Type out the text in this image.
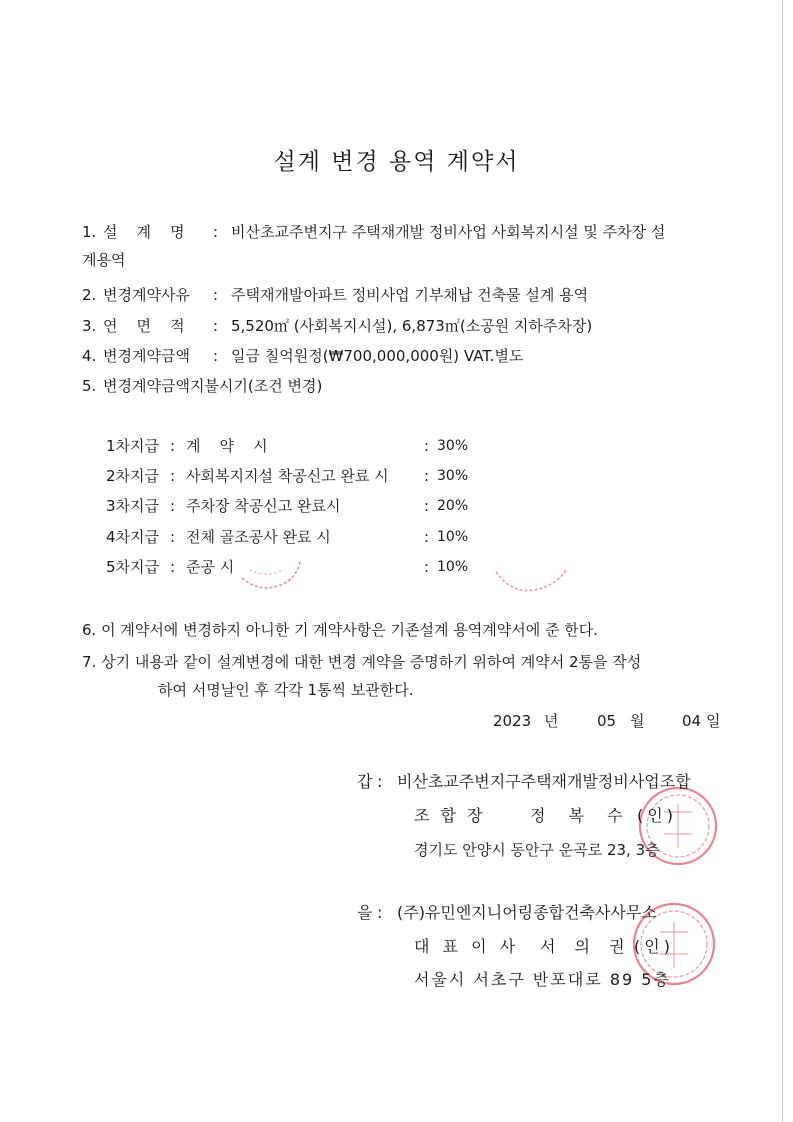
설계 변경 용역 계약서
1. 설    계    명 : 비산초교주변지구 주택재개발 정비사업 사회복지시설 및 주차장 설
계용역
2. 변경계약사유 : 주택재개발아파트 정비사업 기부채납 건축물 설계 용역
3. 연    면    적 : 5,520㎡ (사회복지시설), 6,873㎡(소공원 지하주차장)
4. 변경계약금액 : 일금 칠억원정(₩700,000,000원) VAT.별도
5. 변경계약금액지불시기(조건 변경)
1차지급 : 계    약    시	: 30%
2차지급 : 사회복지지설 착공신고 완료 시 : 30%
3차지급 : 주차장 착공신고 완료시	: 20%
4차지급 : 전체 골조공사 완료 시	: 10%
5차지급 : 준공 시	: 10%
6. 이 계약서에 변경하지 아니한 기 계약사항은 기존설계 용역계약서에 준 한다.
7. 상기 내용과 같이 설계변경에 대한 변경 계약을 증명하기 위하여 계약서 2통을 작성
하여 서명날인 후 각각 1통씩 보관한다.
2023 년	05 월	04 일
갑 : 비산초교주변지구주택재개발정비사업조합
조 합 장	정 복 수 (인)
경기도 안양시 동안구 운곡로 23, 3층
을 : (주)유민엔지니어링종합건축사사무소
대 표 이 사 서 의 권 (인)
서울시 서초구 반포대로 89 5층
